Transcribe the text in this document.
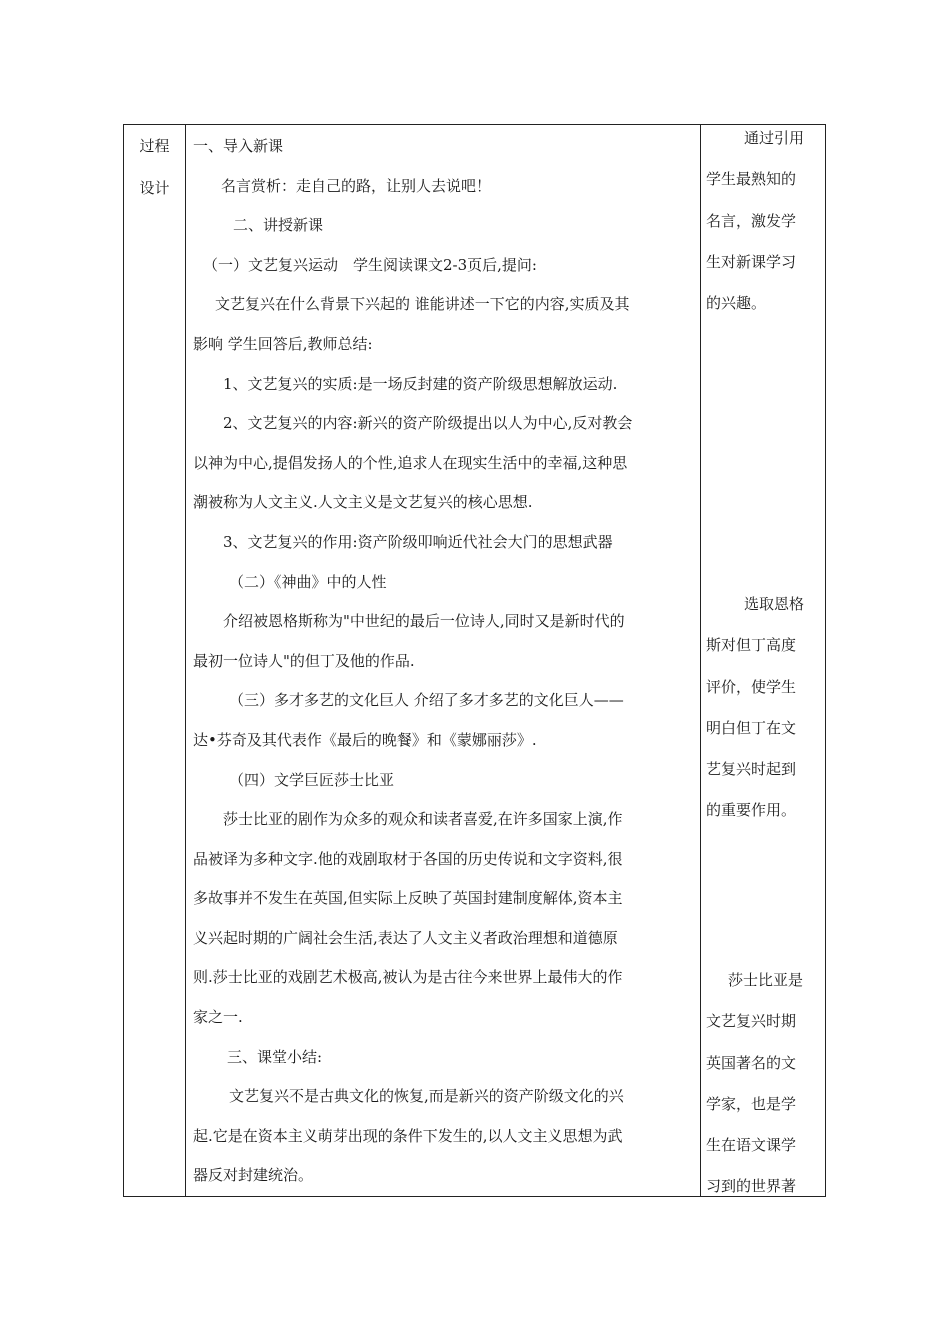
过程
设计

一、导入新课

名言赏析：走自己的路，让别人去说吧！

二、讲授新课

（一）文艺复兴运动　学生阅读课文2-3页后,提问:

文艺复兴在什么背景下兴起的 谁能讲述一下它的内容,实质及其

影响 学生回答后,教师总结:

1、文艺复兴的实质:是一场反封建的资产阶级思想解放运动.

2、文艺复兴的内容:新兴的资产阶级提出以人为中心,反对教会

以神为中心,提倡发扬人的个性,追求人在现实生活中的幸福,这种思

潮被称为人文主义.人文主义是文艺复兴的核心思想.

3、文艺复兴的作用:资产阶级叩响近代社会大门的思想武器

（二）《神曲》中的人性

介绍被恩格斯称为"中世纪的最后一位诗人,同时又是新时代的

最初一位诗人"的但丁及他的作品.

（三）多才多艺的文化巨人 介绍了多才多艺的文化巨人——

达•芬奇及其代表作《最后的晚餐》和《蒙娜丽莎》.

（四）文学巨匠莎士比亚

莎士比亚的剧作为众多的观众和读者喜爱,在许多国家上演,作

品被译为多种文字.他的戏剧取材于各国的历史传说和文字资料,很

多故事并不发生在英国,但实际上反映了英国封建制度解体,资本主

义兴起时期的广阔社会生活,表达了人文主义者政治理想和道德原

则.莎士比亚的戏剧艺术极高,被认为是古往今来世界上最伟大的作

家之一.

三、课堂小结:

文艺复兴不是古典文化的恢复,而是新兴的资产阶级文化的兴

起.它是在资本主义萌芽出现的条件下发生的,以人文主义思想为武

器反对封建统治。

通过引用

学生最熟知的

名言，激发学

生对新课学习

的兴趣。

选取恩格

斯对但丁高度

评价，使学生

明白但丁在文

艺复兴时起到

的重要作用。

莎士比亚是

文艺复兴时期

英国著名的文

学家，也是学

生在语文课学

习到的世界著
